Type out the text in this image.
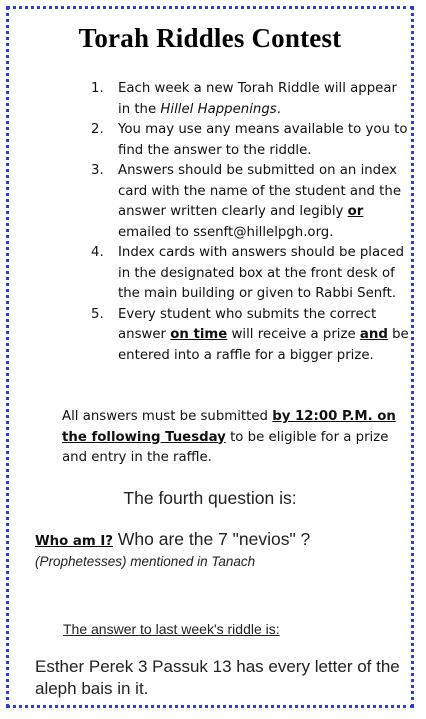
Torah Riddles Contest
1. Each week a new Torah Riddle will appear in the Hillel Happenings.
2. You may use any means available to you to find the answer to the riddle.
3. Answers should be submitted on an index card with the name of the student and the answer written clearly and legibly or emailed to ssenft@hillelpgh.org.
4. Index cards with answers should be placed in the designated box at the front desk of the main building or given to Rabbi Senft.
5. Every student who submits the correct answer on time will receive a prize and be entered into a raffle for a bigger prize.
All answers must be submitted by 12:00 P.M. on the following Tuesday to be eligible for a prize and entry in the raffle.
The fourth question is:
Who am I? Who are the 7 "nevios" ?
(Prophetesses) mentioned in Tanach
The answer to last week's riddle is:
Esther Perek 3 Passuk 13 has every letter of the aleph bais in it.
